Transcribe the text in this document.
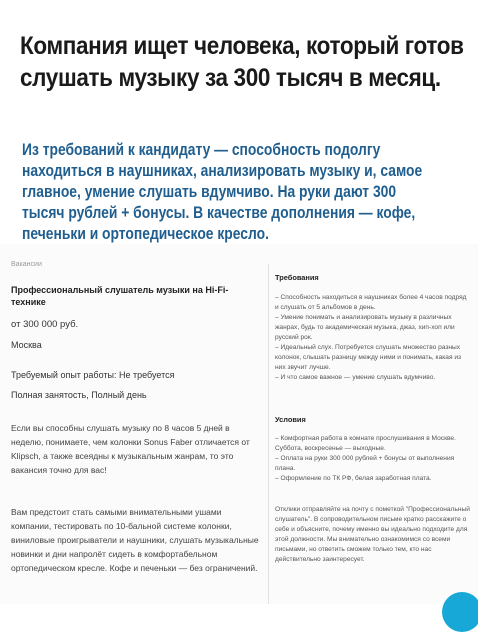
Компания ищет человека, который готов слушать музыку за 300 тысяч в месяц.
Из требований к кандидату — способность подолгу находиться в наушниках, анализировать музыку и, самое главное, умение слушать вдумчиво. На руки дают 300 тысяч рублей + бонусы. В качестве дополнения — кофе, печеньки и ортопедическое кресло.
Вакансии
Профессиональный слушатель музыки на Hi-Fi-технике
от 300 000 руб.
Москва
Требуемый опыт работы: Не требуется
Полная занятость, Полный день
Если вы способны слушать музыку по 8 часов 5 дней в неделю, понимаете, чем колонки Sonus Faber отличается от Klipsch, а также всеядны к музыкальным жанрам, то это вакансия точно для вас!
Вам предстоит стать самыми внимательными ушами компании, тестировать по 10-бальной системе колонки, виниловые проигрыватели и наушники, слушать музыкальные новинки и дни напролёт сидеть в комфортабельном ортопедическом кресле. Кофе и печеньки — без ограничений.
Требования
– Способность находиться в наушниках более 4 часов подряд и слушать от 5 альбомов в день.
– Умение понимать и анализировать музыку в различных жанрах, будь то академическая музыка, джаз, хип-хоп или русский рок.
– Идеальный слух. Потребуется слушать множество разных колонок, слышать разницу между ними и понимать, какая из них звучит лучше.
– И что самое важное — умение слушать вдумчиво.
Условия
– Комфортная работа в комнате прослушивания в Москве. Суббота, воскресенье — выходные.
– Оплата на руки 300 000 рублей + бонусы от выполнения плана.
– Оформление по ТК РФ, белая заработная плата.
Отклики отправляйте на почту с пометкой "Профессиональный слушатель". В сопроводительном письме кратко расскажите о себе и объясните, почему именно вы идеально подходите для этой должности. Мы внимательно ознакомимся со всеми письмами, но ответить сможем только тем, кто нас действительно заинтересует.
